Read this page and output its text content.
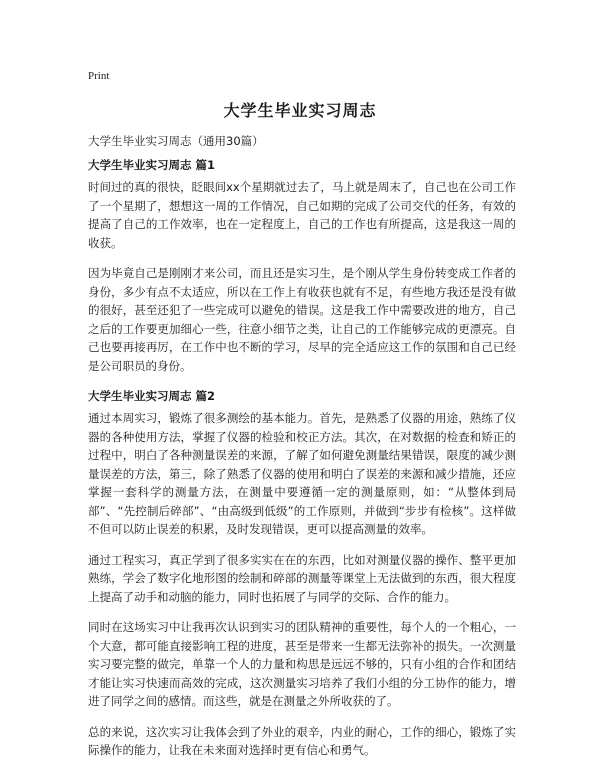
Print
大学生毕业实习周志

大学生毕业实习周志（通用30篇）

大学生毕业实习周志 篇1

时间过的真的很快，眨眼间xx个星期就过去了，马上就是周末了，自己也在公司工作了一个星期了，想想这一周的工作情况，自己如期的完成了公司交代的任务，有效的提高了自己的工作效率，也在一定程度上，自己的工作也有所提高，这是我这一周的收获。

因为毕竟自己是刚刚才来公司，而且还是实习生，是个刚从学生身份转变成工作者的身份，多少有点不太适应，所以在工作上有收获也就有不足，有些地方我还是没有做的很好，甚至还犯了一些完成可以避免的错误。这是我工作中需要改进的地方，自己之后的工作要更加细心一些，往意小细节之类，让自己的工作能够完成的更漂亮。自己也要再接再厉，在工作中也不断的学习，尽早的完全适应这工作的氛围和自己已经是公司职员的身份。

大学生毕业实习周志 篇2

通过本周实习，锻炼了很多测绘的基本能力。首先，是熟悉了仪器的用途，熟练了仪器的各种使用方法，掌握了仪器的检验和校正方法。其次，在对数据的检查和矫正的过程中，明白了各种测量误差的来源，了解了如何避免测量结果错误，限度的减少测量误差的方法，第三，除了熟悉了仪器的使用和明白了误差的来源和减少措施，还应掌握一套科学的测量方法，在测量中要遵循一定的测量原则，如：“从整体到局部”、“先控制后碎部”、“由高级到低级”的工作原则，并做到“步步有检核”。这样做不但可以防止误差的积累，及时发现错误，更可以提高测量的效率。

通过工程实习，真正学到了很多实实在在的东西，比如对测量仪器的操作、整平更加熟练，学会了数字化地形图的绘制和碎部的测量等课堂上无法做到的东西，很大程度上提高了动手和动脑的能力，同时也拓展了与同学的交际、合作的能力。

同时在这场实习中让我再次认识到实习的团队精神的重要性，每个人的一个粗心，一个大意，都可能直接影响工程的进度，甚至是带来一生都无法弥补的损失。一次测量实习要完整的做完，单靠一个人的力量和构思是远远不够的，只有小组的合作和团结才能让实习快速而高效的完成，这次测量实习培养了我们小组的分工协作的能力，增进了同学之间的感情。而这些，就是在测量之外所收获的了。

总的来说，这次实习让我体会到了外业的艰辛，内业的耐心，工作的细心，锻炼了实际操作的能力，让我在未来面对选择时更有信心和勇气。
